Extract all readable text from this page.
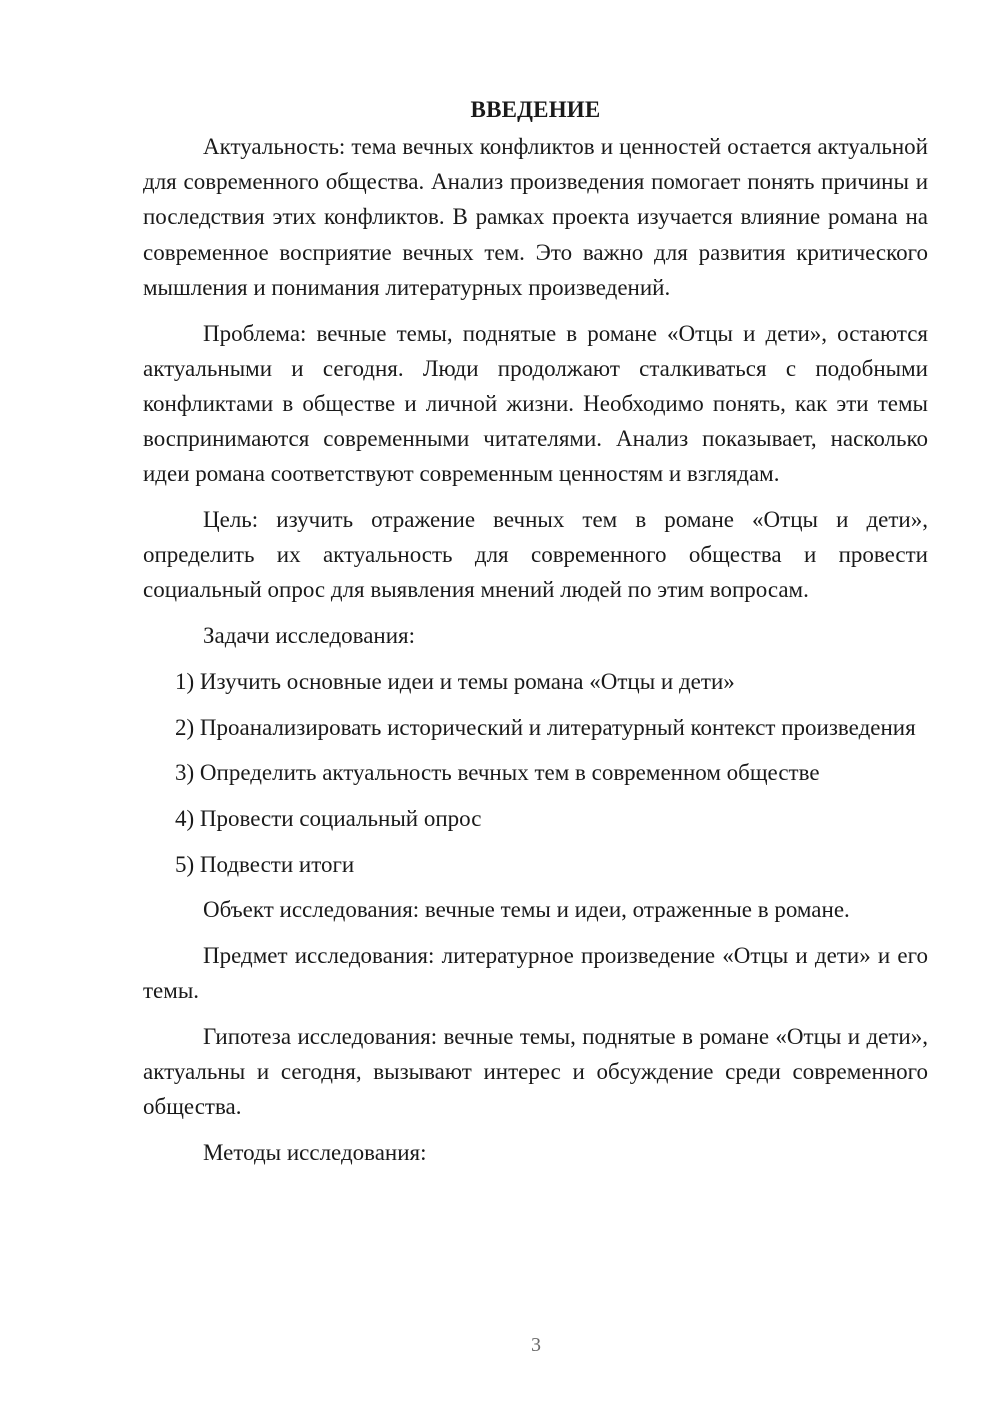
ВВЕДЕНИЕ

Актуальность: тема вечных конфликтов и ценностей остается актуальной для современного общества. Анализ произведения помогает понять причины и последствия этих конфликтов. В рамках проекта изучается влияние романа на современное восприятие вечных тем. Это важно для развития критического мышления и понимания литературных произведений.

Проблема: вечные темы, поднятые в романе «Отцы и дети», остаются актуальными и сегодня. Люди продолжают сталкиваться с подобными конфликтами в обществе и личной жизни. Необходимо понять, как эти темы воспринимаются современными читателями. Анализ показывает, насколько идеи романа соответствуют современным ценностям и взглядам.

Цель: изучить отражение вечных тем в романе «Отцы и дети», определить их актуальность для современного общества и провести социальный опрос для выявления мнений людей по этим вопросам.

Задачи исследования:

1) Изучить основные идеи и темы романа «Отцы и дети»

2) Проанализировать исторический и литературный контекст произведения

3) Определить актуальность вечных тем в современном обществе

4) Провести социальный опрос

5) Подвести итоги

Объект исследования: вечные темы и идеи, отраженные в романе.

Предмет исследования: литературное произведение «Отцы и дети» и его темы.

Гипотеза исследования: вечные темы, поднятые в романе «Отцы и дети», актуальны и сегодня, вызывают интерес и обсуждение среди современного общества.

Методы исследования:

3
